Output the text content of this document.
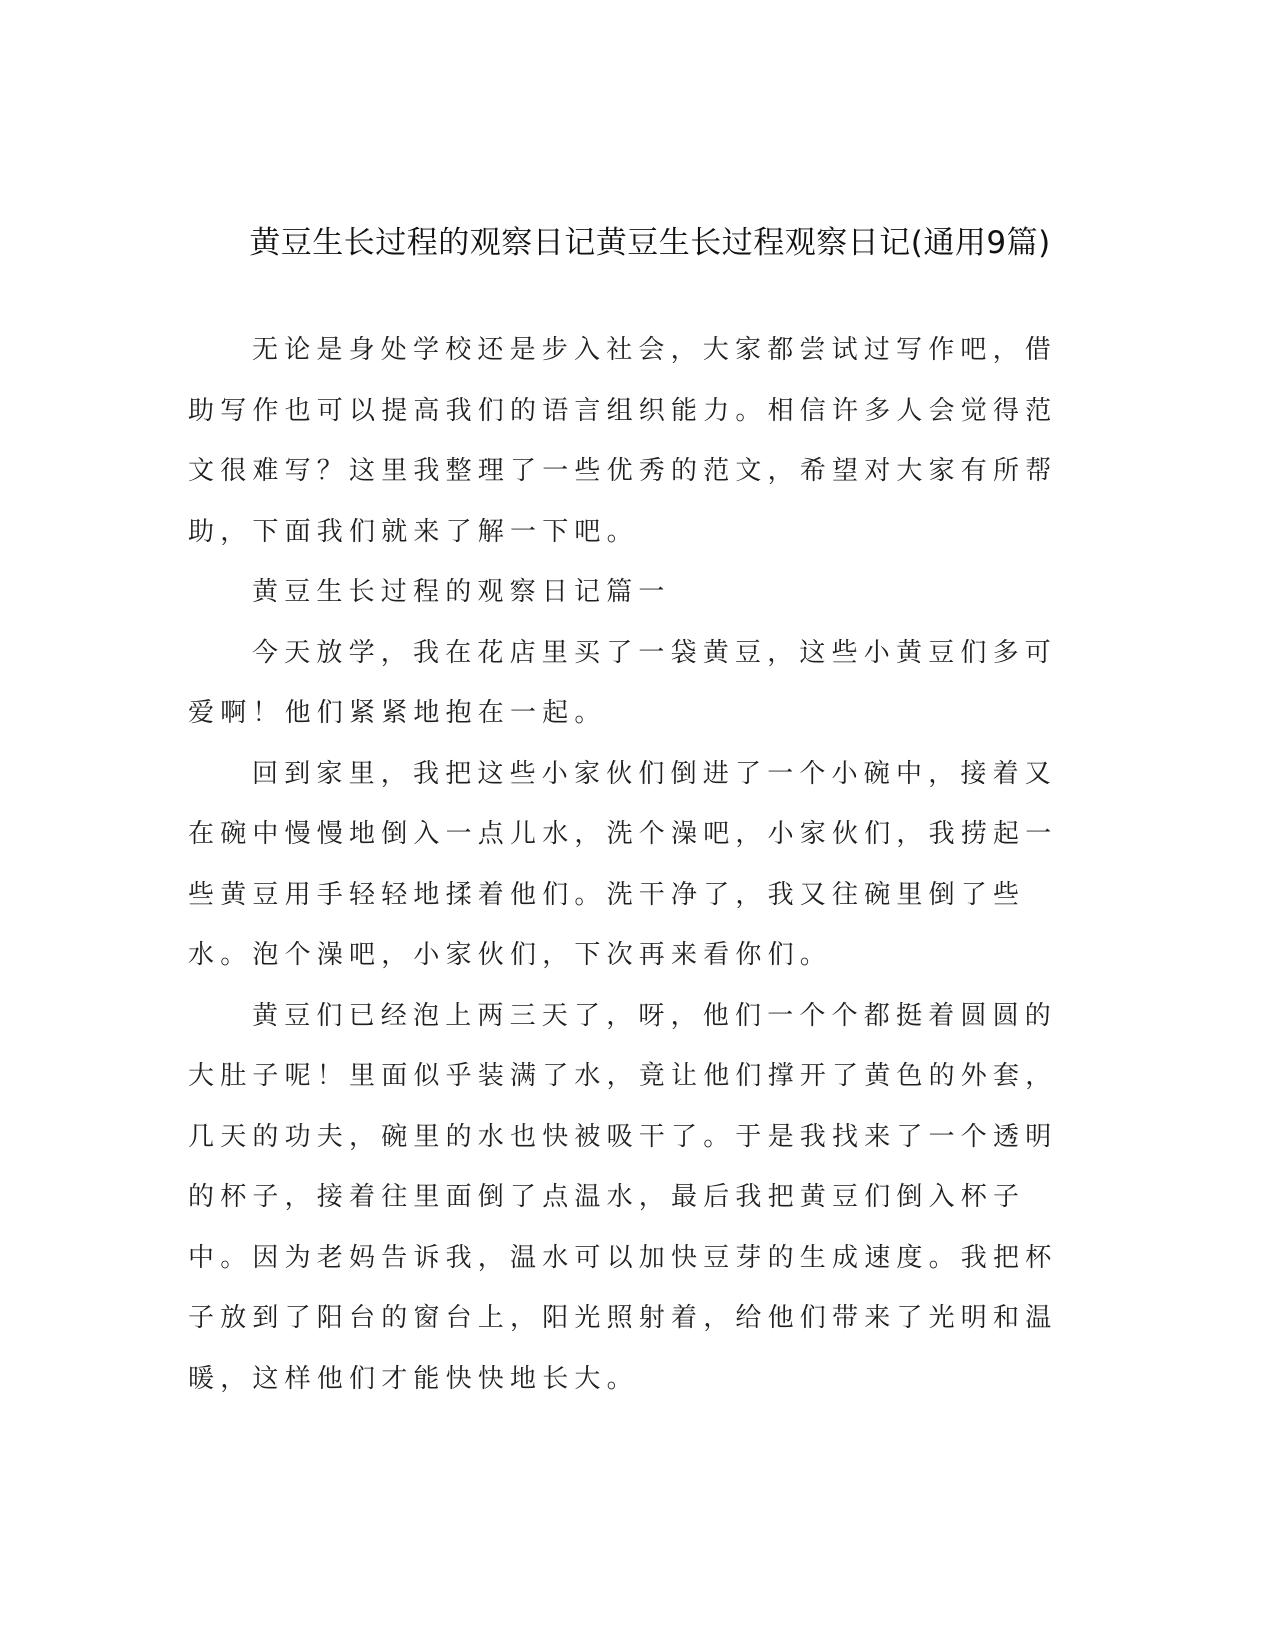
黄豆生长过程的观察日记黄豆生长过程观察日记(通用9篇)

无论是身处学校还是步入社会，大家都尝试过写作吧，借助写作也可以提高我们的语言组织能力。相信许多人会觉得范文很难写？这里我整理了一些优秀的范文，希望对大家有所帮助，下面我们就来了解一下吧。

黄豆生长过程的观察日记篇一

今天放学，我在花店里买了一袋黄豆，这些小黄豆们多可爱啊！他们紧紧地抱在一起。

回到家里，我把这些小家伙们倒进了一个小碗中，接着又在碗中慢慢地倒入一点儿水，洗个澡吧，小家伙们，我捞起一些黄豆用手轻轻地揉着他们。洗干净了，我又往碗里倒了些水。泡个澡吧，小家伙们，下次再来看你们。

黄豆们已经泡上两三天了，呀，他们一个个都挺着圆圆的大肚子呢！里面似乎装满了水，竟让他们撑开了黄色的外套，几天的功夫，碗里的水也快被吸干了。于是我找来了一个透明的杯子，接着往里面倒了点温水，最后我把黄豆们倒入杯子中。因为老妈告诉我，温水可以加快豆芽的生成速度。我把杯子放到了阳台的窗台上，阳光照射着，给他们带来了光明和温暖，这样他们才能快快地长大。
